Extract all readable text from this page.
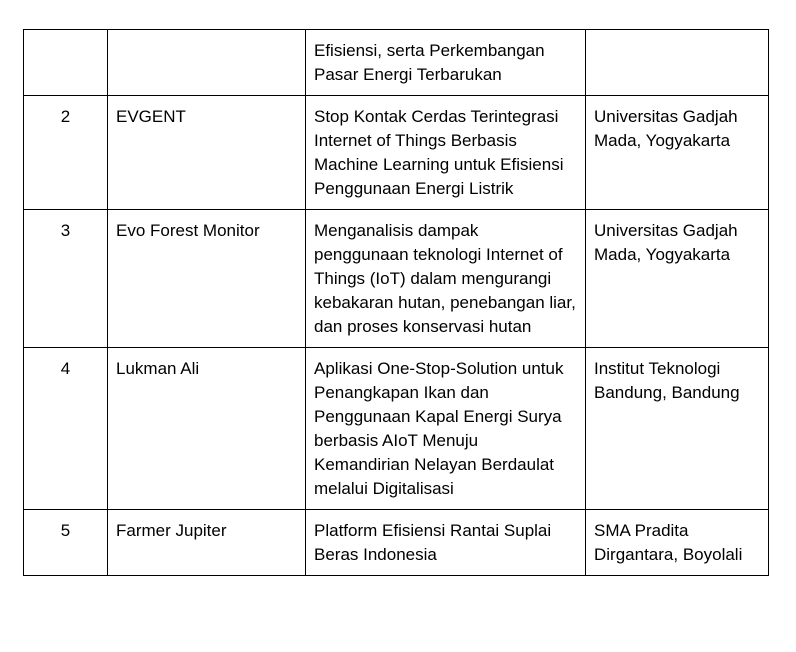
		Efisiensi, serta Perkembangan Pasar Energi Terbarukan	
2	EVGENT	Stop Kontak Cerdas Terintegrasi Internet of Things Berbasis Machine Learning untuk Efisiensi Penggunaan Energi Listrik	Universitas Gadjah Mada, Yogyakarta
3	Evo Forest Monitor	Menganalisis dampak penggunaan teknologi Internet of Things (IoT) dalam mengurangi kebakaran hutan, penebangan liar, dan proses konservasi hutan	Universitas Gadjah Mada, Yogyakarta
4	Lukman Ali	Aplikasi One-Stop-Solution untuk Penangkapan Ikan dan Penggunaan Kapal Energi Surya berbasis AIoT Menuju Kemandirian Nelayan Berdaulat melalui Digitalisasi	Institut Teknologi Bandung, Bandung
5	Farmer Jupiter	Platform Efisiensi Rantai Suplai Beras Indonesia	SMA Pradita Dirgantara, Boyolali
